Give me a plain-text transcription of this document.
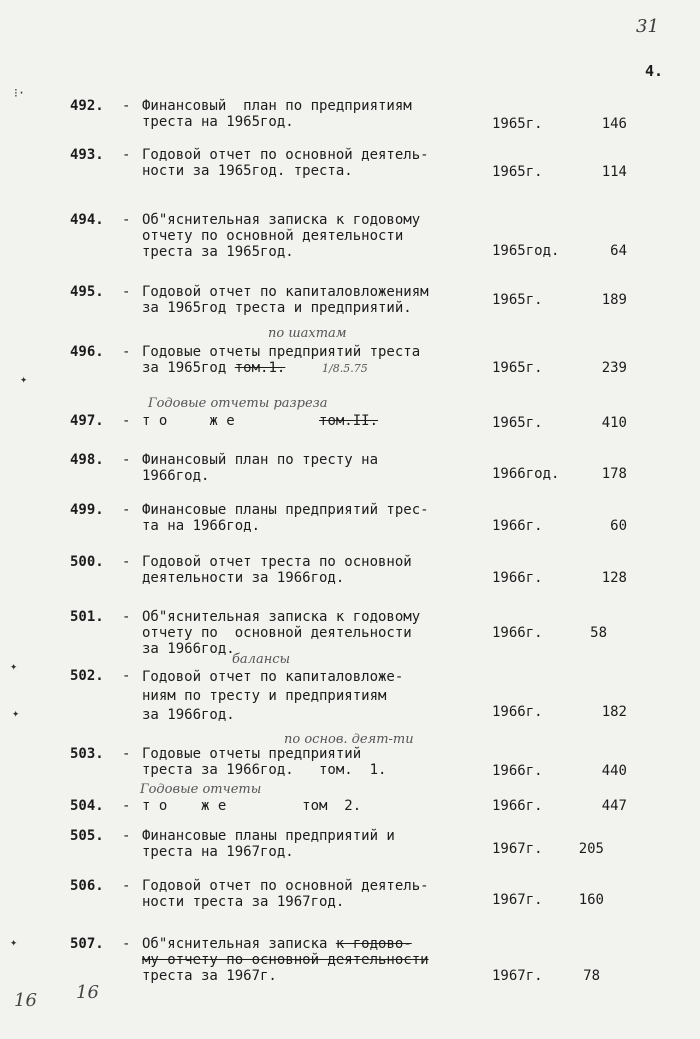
31
4.
⁝·
✦
✦
✦
✦
492. - Финансовый  план по предприятиям
треста на 1965год.	1965г.	146
493. - Годовой отчет по основной деятель-
ности за 1965год. треста.	1965г.	114
494. - Об"яснительная записка к годовому
отчету по основной деятельности
треста за 1965год.	1965год.	64
495. - Годовой отчет по капиталовложениям
за 1965год треста и предприятий.	1965г.	189
496. - Годовые отчеты предприятий треста
за 1965год том.1.	1965г.	239
по шахтам
1/8.5.75
497. - т о     ж е	том.II.	1965г.	410
Годовые отчеты разреза
498. - Финансовый план по тресту на
1966год.	1966год.	178
499. - Финансовые планы предприятий трес-
та на 1966год.	1966г.	60
500. - Годовой отчет треста по основной
деятельности за 1966год.	1966г.	128
501. - Об"яснительная записка к годовому
отчету по  основной деятельности
за 1966год.
1966г.	58
502. - Годовой отчет по капиталовложе-
ниям по тресту и предприятиям
за 1966год.	1966г.	182
балансы
503. - Годовые отчеты предприятий
треста за 1966год.   том.  1.	1966г.	440
по основ. деят-ти
504. - т о    ж е         том  2.	1966г.	447
Годовые отчеты
505. - Финансовые планы предприятий и
треста на 1967год.	1967г.	205
506. - Годовой отчет по основной деятель-
ности треста за 1967год.	1967г.	160
507. - Об"яснительная записка к годово-
му отчету по основной деятельности
треста за 1967г.	1967г.	78
16 16
